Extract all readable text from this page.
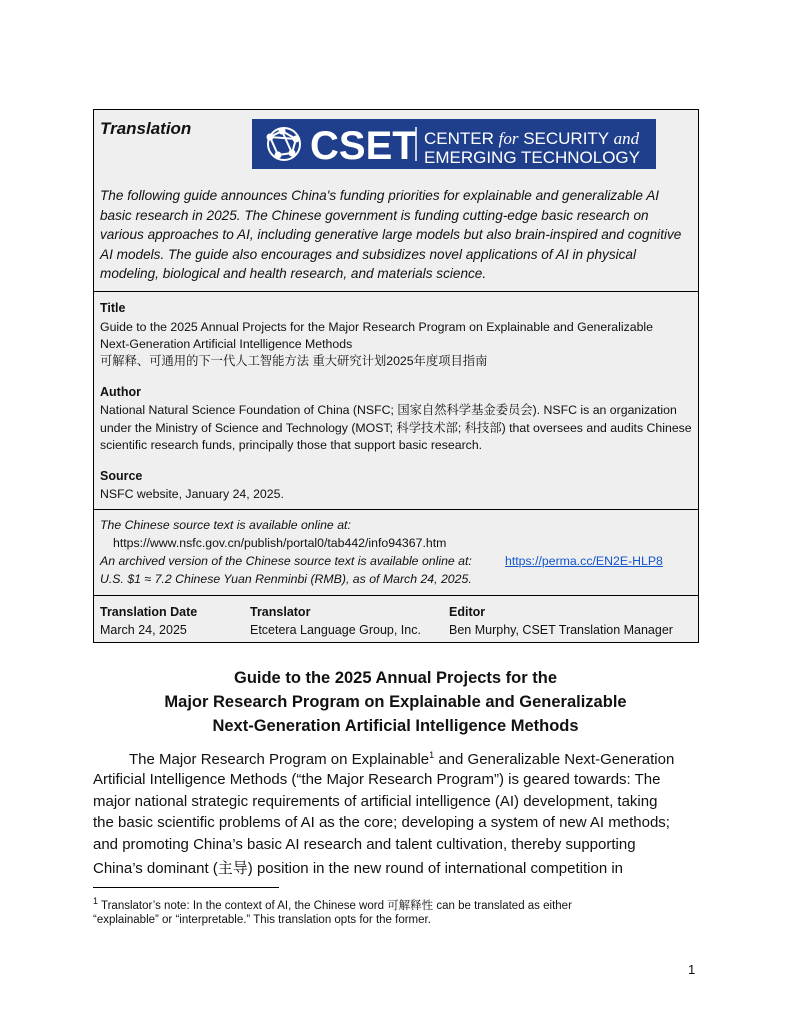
Translation	CSET CENTER for SECURITY and
EMERGING TECHNOLOGY
The following guide announces China's funding priorities for explainable and generalizable AI basic research in 2025. The Chinese government is funding cutting-edge basic research on various approaches to AI, including generative large models but also brain-inspired and cognitive AI models. The guide also encourages and subsidizes novel applications of AI in physical modeling, biological and health research, and materials science.
Title
Guide to the 2025 Annual Projects for the Major Research Program on Explainable and Generalizable
Next-Generation Artificial Intelligence Methods
可解释、可通用的下一代人工智能方法 重大研究计划2025年度项目指南
Author
National Natural Science Foundation of China (NSFC; 国家自然科学基金委员会). NSFC is an organization under the Ministry of Science and Technology (MOST; 科学技术部; 科技部) that oversees and audits Chinese scientific research funds, principally those that support basic research.
Source
NSFC website, January 24, 2025.
The Chinese source text is available online at:
https://www.nsfc.gov.cn/publish/portal0/tab442/info94367.htm
An archived version of the Chinese source text is available online at:	https://perma.cc/EN2E-HLP8
U.S. $1 ≈ 7.2 Chinese Yuan Renminbi (RMB), as of March 24, 2025.
Translation Date
March 24, 2025
Translator
Etcetera Language Group, Inc.
Editor
Ben Murphy, CSET Translation Manager
Guide to the 2025 Annual Projects for the
Major Research Program on Explainable and Generalizable
Next-Generation Artificial Intelligence Methods
The Major Research Program on Explainable$^1$ and Generalizable Next-Generation
Artificial Intelligence Methods (“the Major Research Program”) is geared towards: The
major national strategic requirements of artificial intelligence (AI) development, taking
the basic scientific problems of AI as the core; developing a system of new AI methods;
and promoting China’s basic AI research and talent cultivation, thereby supporting
China’s dominant (主导) position in the new round of international competition in
$^1$ Translator’s note: In the context of AI, the Chinese word 可解释性 can be translated as either
“explainable” or “interpretable.” This translation opts for the former.
1
